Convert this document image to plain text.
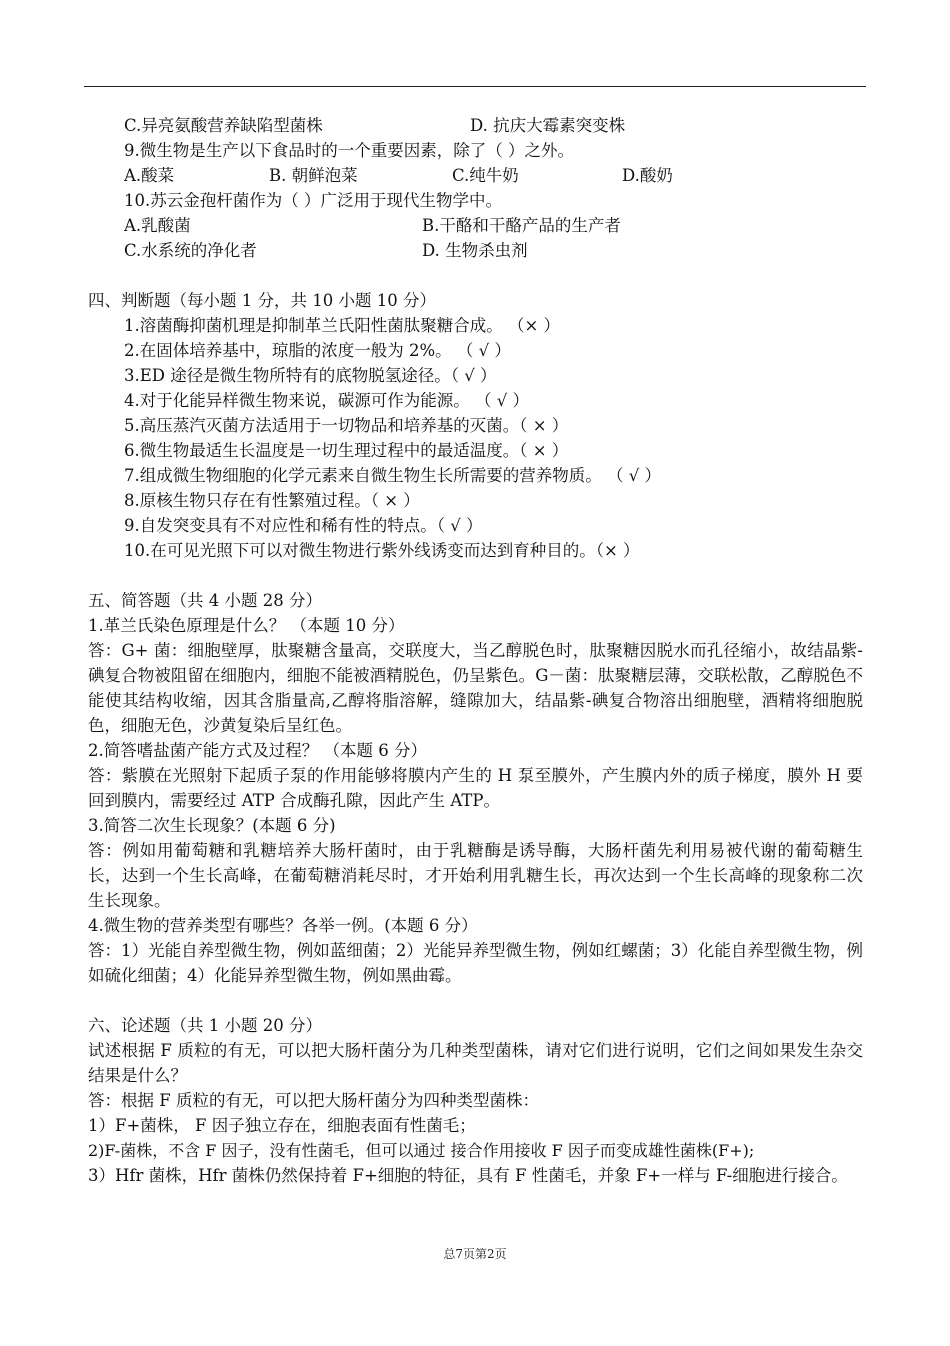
C.异亮氨酸营养缺陷型菌株	D. 抗庆大霉素突变株
9.微生物是生产以下食品时的一个重要因素，除了（ ）之外。
A.酸菜	B. 朝鲜泡菜	C.纯牛奶	D.酸奶
10.苏云金孢杆菌作为（ ）广泛用于现代生物学中。
A.乳酸菌	B.干酪和干酪产品的生产者
C.水系统的净化者	D. 生物杀虫剂
四、判断题（每小题 1 分，共 10 小题 10 分）
1.溶菌酶抑菌机理是抑制革兰氏阳性菌肽聚糖合成。 （× ）
2.在固体培养基中，琼脂的浓度一般为 2%。 （ √ ）
3.ED 途径是微生物所特有的底物脱氢途径。（ √ ）
4.对于化能异样微生物来说，碳源可作为能源。 （ √ ）
5.高压蒸汽灭菌方法适用于一切物品和培养基的灭菌。（ × ）
6.微生物最适生长温度是一切生理过程中的最适温度。（ × ）
7.组成微生物细胞的化学元素来自微生物生长所需要的营养物质。 （ √ ）
8.原核生物只存在有性繁殖过程。（ × ）
9.自发突变具有不对应性和稀有性的特点。（ √ ）
10.在可见光照下可以对微生物进行紫外线诱变而达到育种目的。（× ）
五、简答题（共 4 小题 28 分）
1.革兰氏染色原理是什么？ （本题 10 分）
答：G+ 菌：细胞壁厚，肽聚糖含量高，交联度大，当乙醇脱色时，肽聚糖因脱水而孔径缩小，故结晶紫-碘复合物被阻留在细胞内，细胞不能被酒精脱色，仍呈紫色。G－菌：肽聚糖层薄，交联松散，乙醇脱色不能使其结构收缩，因其含脂量高,乙醇将脂溶解，缝隙加大，结晶紫-碘复合物溶出细胞壁，酒精将细胞脱色，细胞无色，沙黄复染后呈红色。
2.简答嗜盐菌产能方式及过程？ （本题 6 分）
答：紫膜在光照射下起质子泵的作用能够将膜内产生的 H 泵至膜外，产生膜内外的质子梯度，膜外 H 要回到膜内，需要经过 ATP 合成酶孔隙，因此产生 ATP。
3.简答二次生长现象？(本题 6 分)
答：例如用葡萄糖和乳糖培养大肠杆菌时，由于乳糖酶是诱导酶，大肠杆菌先利用易被代谢的葡萄糖生长，达到一个生长高峰，在葡萄糖消耗尽时，才开始利用乳糖生长，再次达到一个生长高峰的现象称二次生长现象。
4.微生物的营养类型有哪些？各举一例。(本题 6 分）
答：1）光能自养型微生物，例如蓝细菌；2）光能异养型微生物，例如红螺菌；3）化能自养型微生物，例如硫化细菌；4）化能异养型微生物，例如黑曲霉。
六、论述题（共 1 小题 20 分）
试述根据 F 质粒的有无，可以把大肠杆菌分为几种类型菌株，请对它们进行说明，它们之间如果发生杂交结果是什么？
答：根据 F 质粒的有无，可以把大肠杆菌分为四种类型菌株：
1）F+菌株， F 因子独立存在，细胞表面有性菌毛；
2)F-菌株，不含 F 因子，没有性菌毛，但可以通过 接合作用接收 F 因子而变成雄性菌株(F+);
3）Hfr 菌株，Hfr 菌株仍然保持着 F+细胞的特征，具有 F 性菌毛，并象 F+一样与 F-细胞进行接合。
总7页第2页
